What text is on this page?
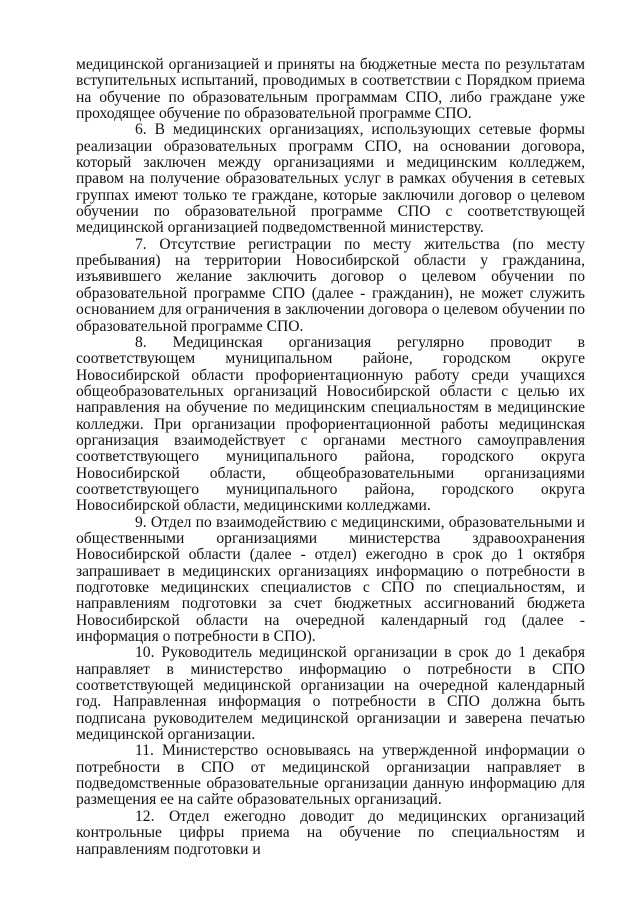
медицинской организацией и приняты на бюджетные места по результатам вступительных испытаний, проводимых в соответствии с Порядком приема на обучение по образовательным программам СПО, либо граждане уже проходящее обучение по образовательной программе СПО.

6. В медицинских организациях, использующих сетевые формы реализации образовательных программ СПО, на основании договора, который заключен между организациями и медицинским колледжем, правом на получение образовательных услуг в рамках обучения в сетевых группах имеют только те граждане, которые заключили договор о целевом обучении по образовательной программе СПО с соответствующей медицинской организацией подведомственной министерству.

7. Отсутствие регистрации по месту жительства (по месту пребывания) на территории Новосибирской области у гражданина, изъявившего желание заключить договор о целевом обучении по образовательной программе СПО (далее - гражданин), не может служить основанием для ограничения в заключении договора о целевом обучении по образовательной программе СПО.

8. Медицинская организация регулярно проводит в соответствующем муниципальном районе, городском округе Новосибирской области профориентационную работу среди учащихся общеобразовательных организаций Новосибирской области с целью их направления на обучение по медицинским специальностям в медицинские колледжи. При организации профориентационной работы медицинская организация взаимодействует с органами местного самоуправления соответствующего муниципального района, городского округа Новосибирской области, общеобразовательными организациями соответствующего муниципального района, городского округа Новосибирской области, медицинскими колледжами.

9. Отдел по взаимодействию с медицинскими, образовательными и общественными организациями министерства здравоохранения Новосибирской области (далее - отдел) ежегодно в срок до 1 октября запрашивает в медицинских организациях информацию о потребности в подготовке медицинских специалистов с СПО по специальностям, и направлениям подготовки за счет бюджетных ассигнований бюджета Новосибирской области на очередной календарный год (далее - информация о потребности в СПО).

10. Руководитель медицинской организации в срок до 1 декабря направляет в министерство информацию о потребности в СПО соответствующей медицинской организации на очередной календарный год. Направленная информация о потребности в СПО должна быть подписана руководителем медицинской организации и заверена печатью медицинской организации.

11. Министерство основываясь на утвержденной информации о потребности в СПО от медицинской организации направляет в подведомственные образовательные организации данную информацию для размещения ее на сайте образовательных организаций.

12. Отдел ежегодно доводит до медицинских организаций контрольные цифры приема на обучение по специальностям и направлениям подготовки и
